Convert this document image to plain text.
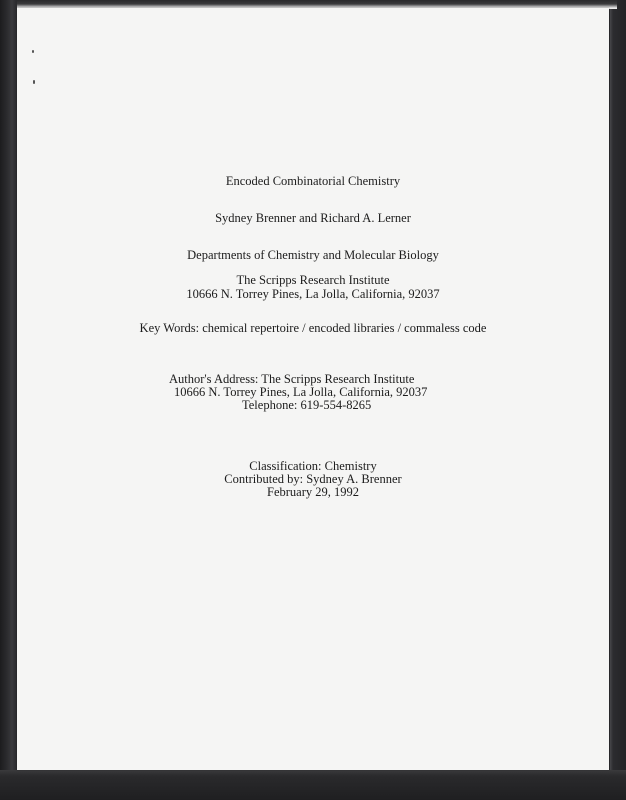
Encoded Combinatorial Chemistry
Sydney Brenner and Richard A. Lerner
Departments of Chemistry and Molecular Biology
The Scripps Research Institute
10666 N. Torrey Pines, La Jolla, California, 92037
Key Words: chemical repertoire / encoded libraries / commaless code
Author's Address: The Scripps Research Institute
10666 N. Torrey Pines, La Jolla, California, 92037
Telephone: 619-554-8265
Classification: Chemistry
Contributed by: Sydney A. Brenner
February 29, 1992
